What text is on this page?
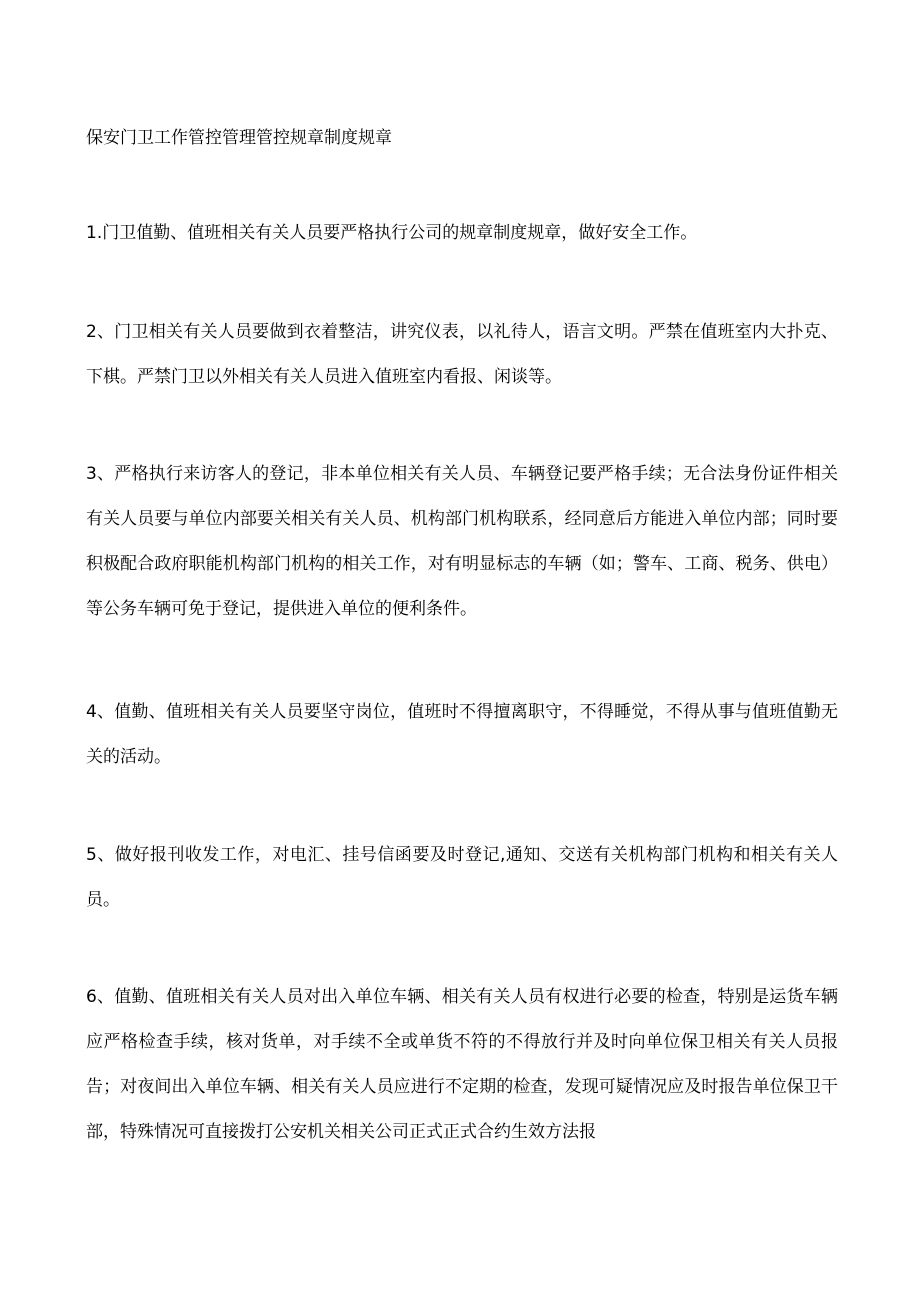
保安门卫工作管控管理管控规章制度规章

1.门卫值勤、值班相关有关人员要严格执行公司的规章制度规章，做好安全工作。

2、门卫相关有关人员要做到衣着整洁，讲究仪表，以礼待人，语言文明。严禁在值班室内大扑克、下棋。严禁门卫以外相关有关人员进入值班室内看报、闲谈等。

3、严格执行来访客人的登记，非本单位相关有关人员、车辆登记要严格手续；无合法身份证件相关有关人员要与单位内部要关相关有关人员、机构部门机构联系，经同意后方能进入单位内部；同时要积极配合政府职能机构部门机构的相关工作，对有明显标志的车辆（如；警车、工商、税务、供电）等公务车辆可免于登记，提供进入单位的便利条件。

4、值勤、值班相关有关人员要坚守岗位，值班时不得擅离职守，不得睡觉，不得从事与值班值勤无关的活动。

5、做好报刊收发工作，对电汇、挂号信函要及时登记,通知、交送有关机构部门机构和相关有关人员。

6、值勤、值班相关有关人员对出入单位车辆、相关有关人员有权进行必要的检查，特别是运货车辆应严格检查手续，核对货单，对手续不全或单货不符的不得放行并及时向单位保卫相关有关人员报告；对夜间出入单位车辆、相关有关人员应进行不定期的检查，发现可疑情况应及时报告单位保卫干部，特殊情况可直接拨打公安机关相关公司正式正式合约生效方法报
